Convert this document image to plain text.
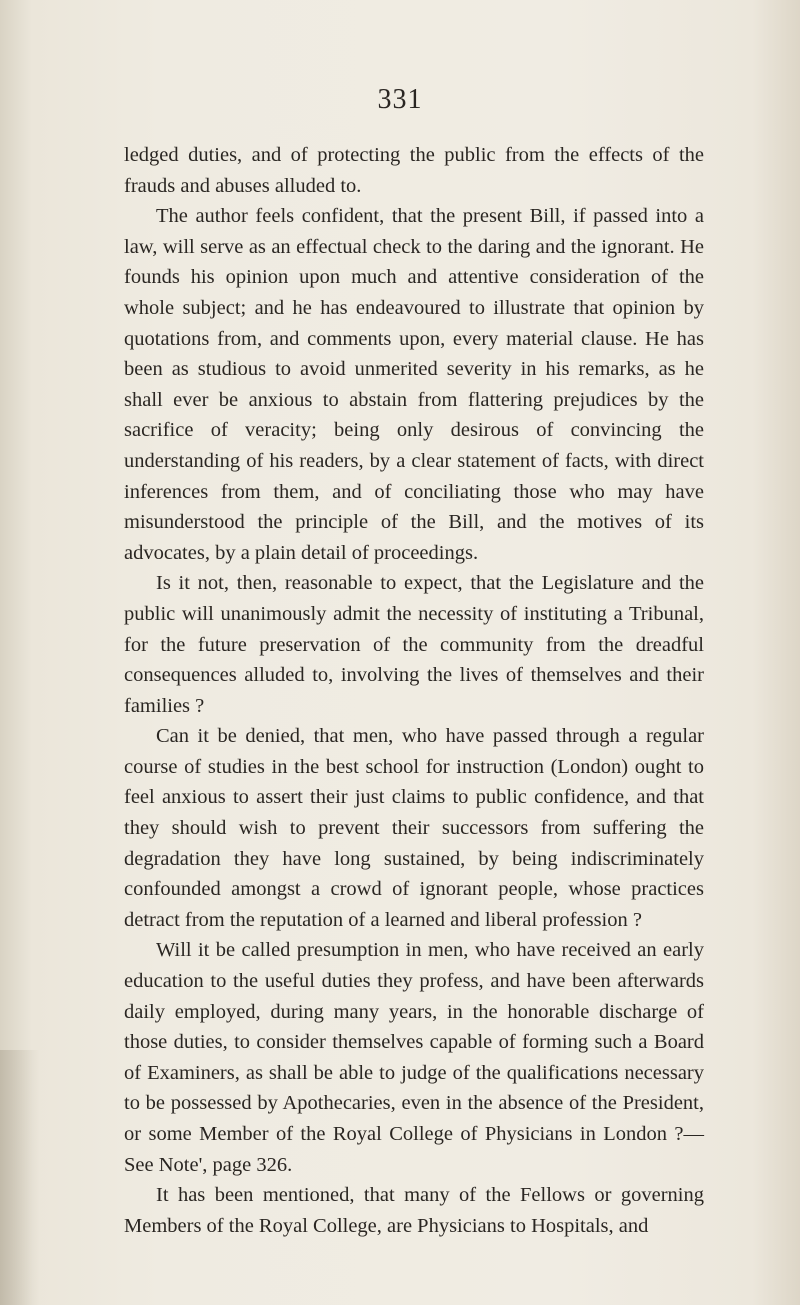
331

ledged duties, and of protecting the public from the effects of the frauds and abuses alluded to.

The author feels confident, that the present Bill, if passed into a law, will serve as an effectual check to the daring and the ignorant. He founds his opinion upon much and attentive consideration of the whole subject; and he has endeavoured to illustrate that opinion by quotations from, and comments upon, every material clause. He has been as studious to avoid unmerited severity in his remarks, as he shall ever be anxious to abstain from flattering prejudices by the sacrifice of veracity; being only desirous of convincing the understanding of his readers, by a clear statement of facts, with direct inferences from them, and of conciliating those who may have misunderstood the principle of the Bill, and the motives of its advocates, by a plain detail of proceedings.

Is it not, then, reasonable to expect, that the Legislature and the public will unanimously admit the necessity of instituting a Tribunal, for the future preservation of the community from the dreadful consequences alluded to, involving the lives of themselves and their families ?

Can it be denied, that men, who have passed through a regular course of studies in the best school for instruction (London) ought to feel anxious to assert their just claims to public confidence, and that they should wish to prevent their successors from suffering the degradation they have long sustained, by being indiscriminately confounded amongst a crowd of ignorant people, whose practices detract from the reputation of a learned and liberal profession ?

Will it be called presumption in men, who have received an early education to the useful duties they profess, and have been afterwards daily employed, during many years, in the honorable discharge of those duties, to consider themselves capable of forming such a Board of Examiners, as shall be able to judge of the qualifications necessary to be possessed by Apothecaries, even in the absence of the President, or some Member of the Royal College of Physicians in London ?—See Note', page 326.

It has been mentioned, that many of the Fellows or governing Members of the Royal College, are Physicians to Hospitals, and
